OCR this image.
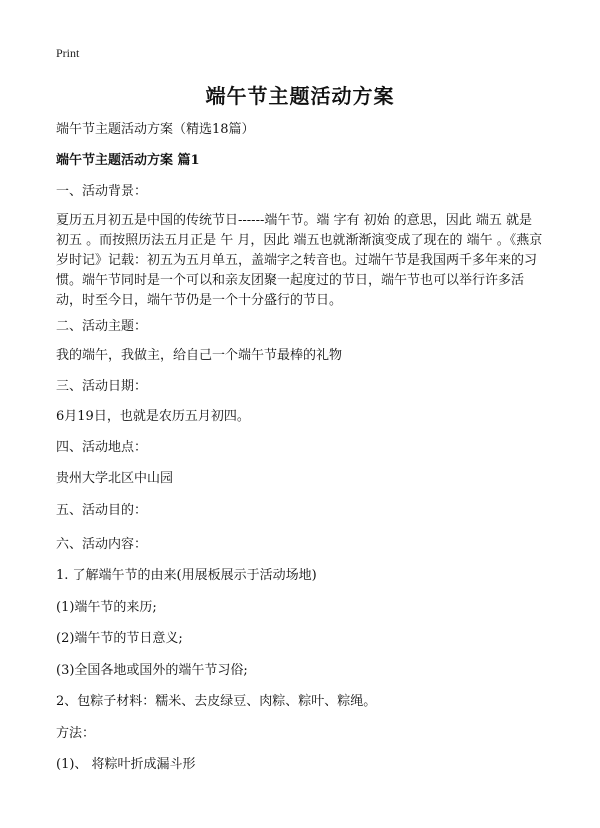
Print
端午节主题活动方案
端午节主题活动方案（精选18篇）
端午节主题活动方案 篇1
一、活动背景：
夏历五月初五是中国的传统节日------端午节。端 字有 初始 的意思，因此 端五 就是 初五 。而按照历法五月正是 午 月，因此 端五也就渐渐演变成了现在的 端午 。《燕京岁时记》记载：初五为五月单五，盖端字之转音也。过端午节是我国两千多年来的习惯。端午节同时是一个可以和亲友团聚一起度过的节日，端午节也可以举行许多活动，时至今日，端午节仍是一个十分盛行的节日。
二、活动主题：
我的端午，我做主，给自己一个端午节最棒的礼物
三、活动日期：
6月19日，也就是农历五月初四。
四、活动地点：
贵州大学北区中山园
五、活动目的：
六、活动内容：
1. 了解端午节的由来(用展板展示于活动场地)
(1)端午节的来历;
(2)端午节的节日意义;
(3)全国各地或国外的端午节习俗;
2、包粽子材料：糯米、去皮绿豆、肉粽、粽叶、粽绳。
方法：
(1)、 将粽叶折成漏斗形
